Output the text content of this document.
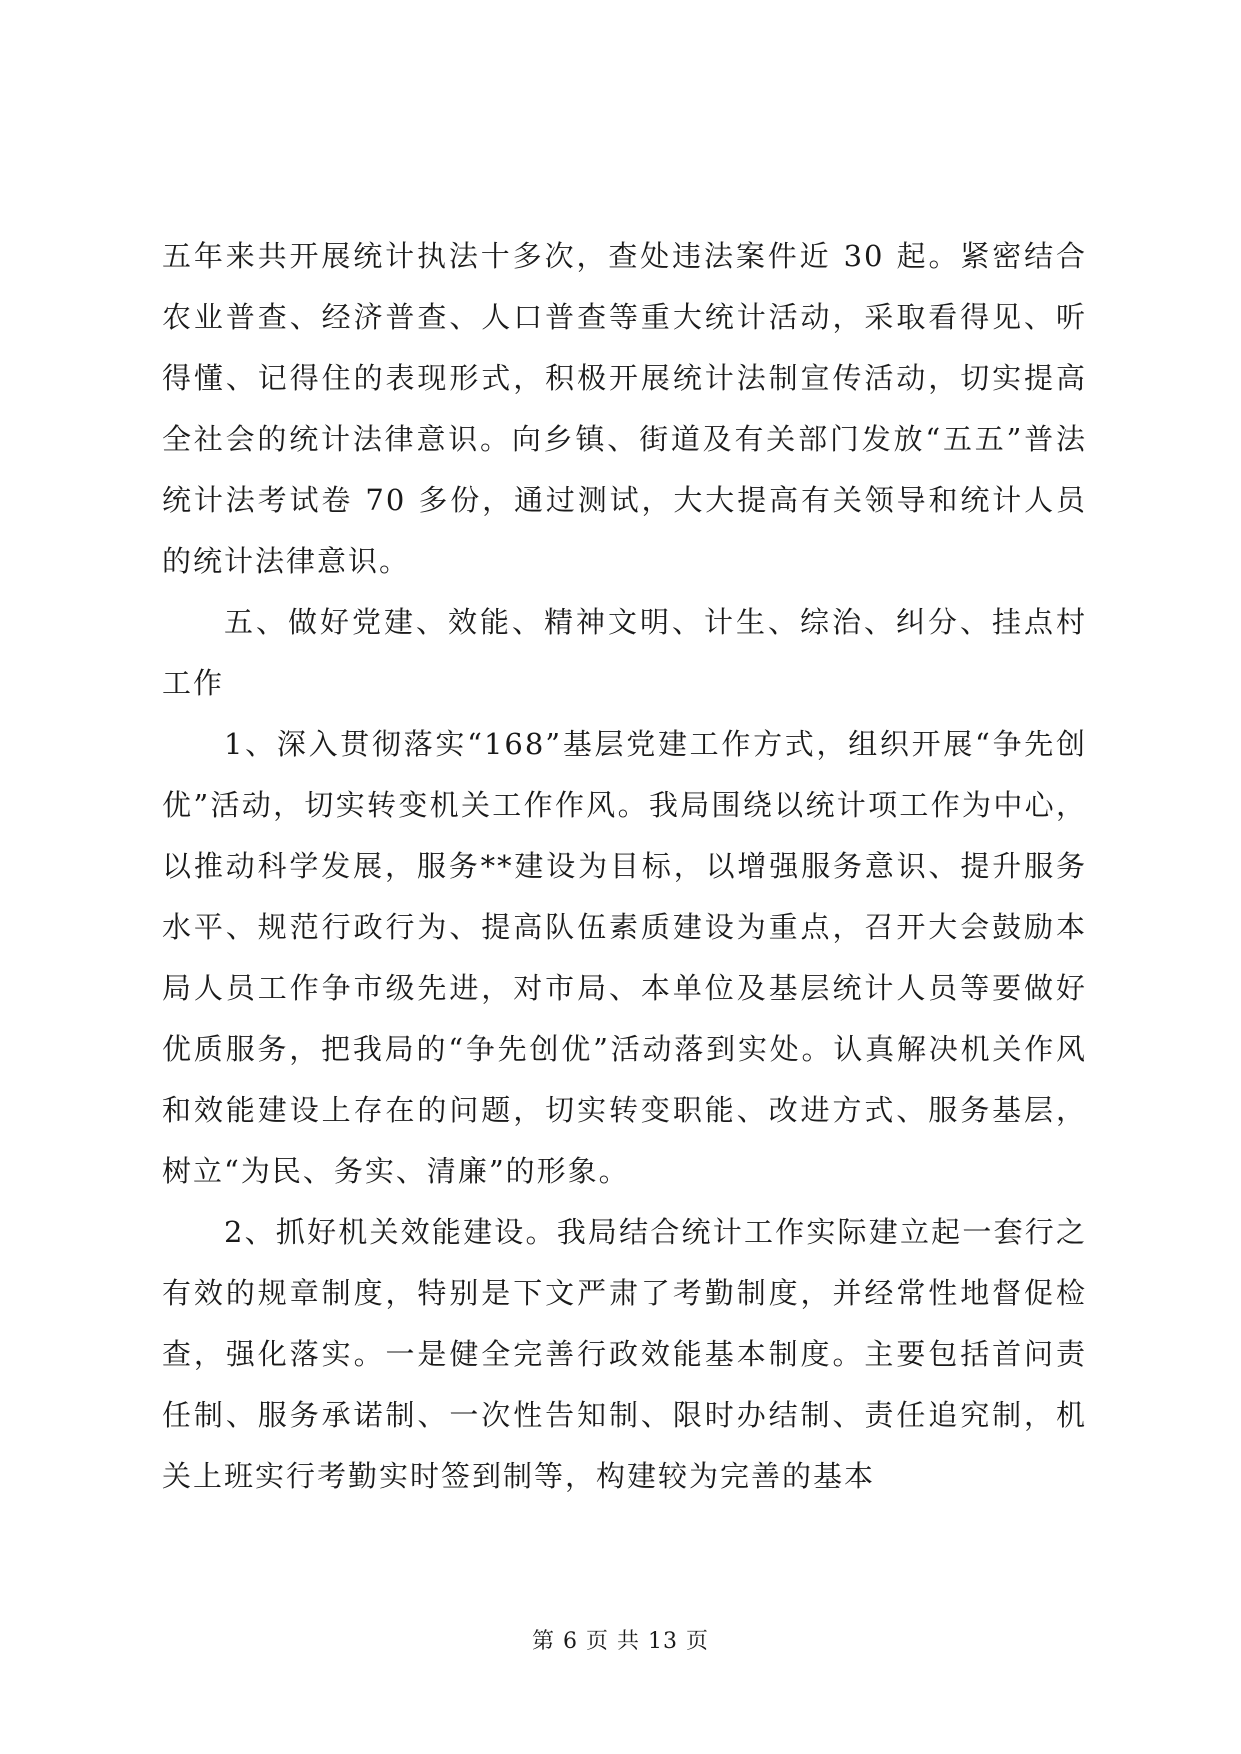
五年来共开展统计执法十多次，查处违法案件近 30 起。紧密结合农业普查、经济普查、人口普查等重大统计活动，采取看得见、听得懂、记得住的表现形式，积极开展统计法制宣传活动，切实提高全社会的统计法律意识。向乡镇、街道及有关部门发放“五五”普法统计法考试卷 70 多份，通过测试，大大提高有关领导和统计人员的统计法律意识。

五、做好党建、效能、精神文明、计生、综治、纠分、挂点村工作

1、深入贯彻落实“168”基层党建工作方式，组织开展“争先创优”活动，切实转变机关工作作风。我局围绕以统计项工作为中心，以推动科学发展，服务**建设为目标，以增强服务意识、提升服务水平、规范行政行为、提高队伍素质建设为重点，召开大会鼓励本局人员工作争市级先进，对市局、本单位及基层统计人员等要做好优质服务，把我局的“争先创优”活动落到实处。认真解决机关作风和效能建设上存在的问题，切实转变职能、改进方式、服务基层，树立“为民、务实、清廉”的形象。

2、抓好机关效能建设。我局结合统计工作实际建立起一套行之有效的规章制度，特别是下文严肃了考勤制度，并经常性地督促检查，强化落实。一是健全完善行政效能基本制度。主要包括首问责任制、服务承诺制、一次性告知制、限时办结制、责任追究制，机关上班实行考勤实时签到制等，构建较为完善的基本

第 6 页 共 13 页
